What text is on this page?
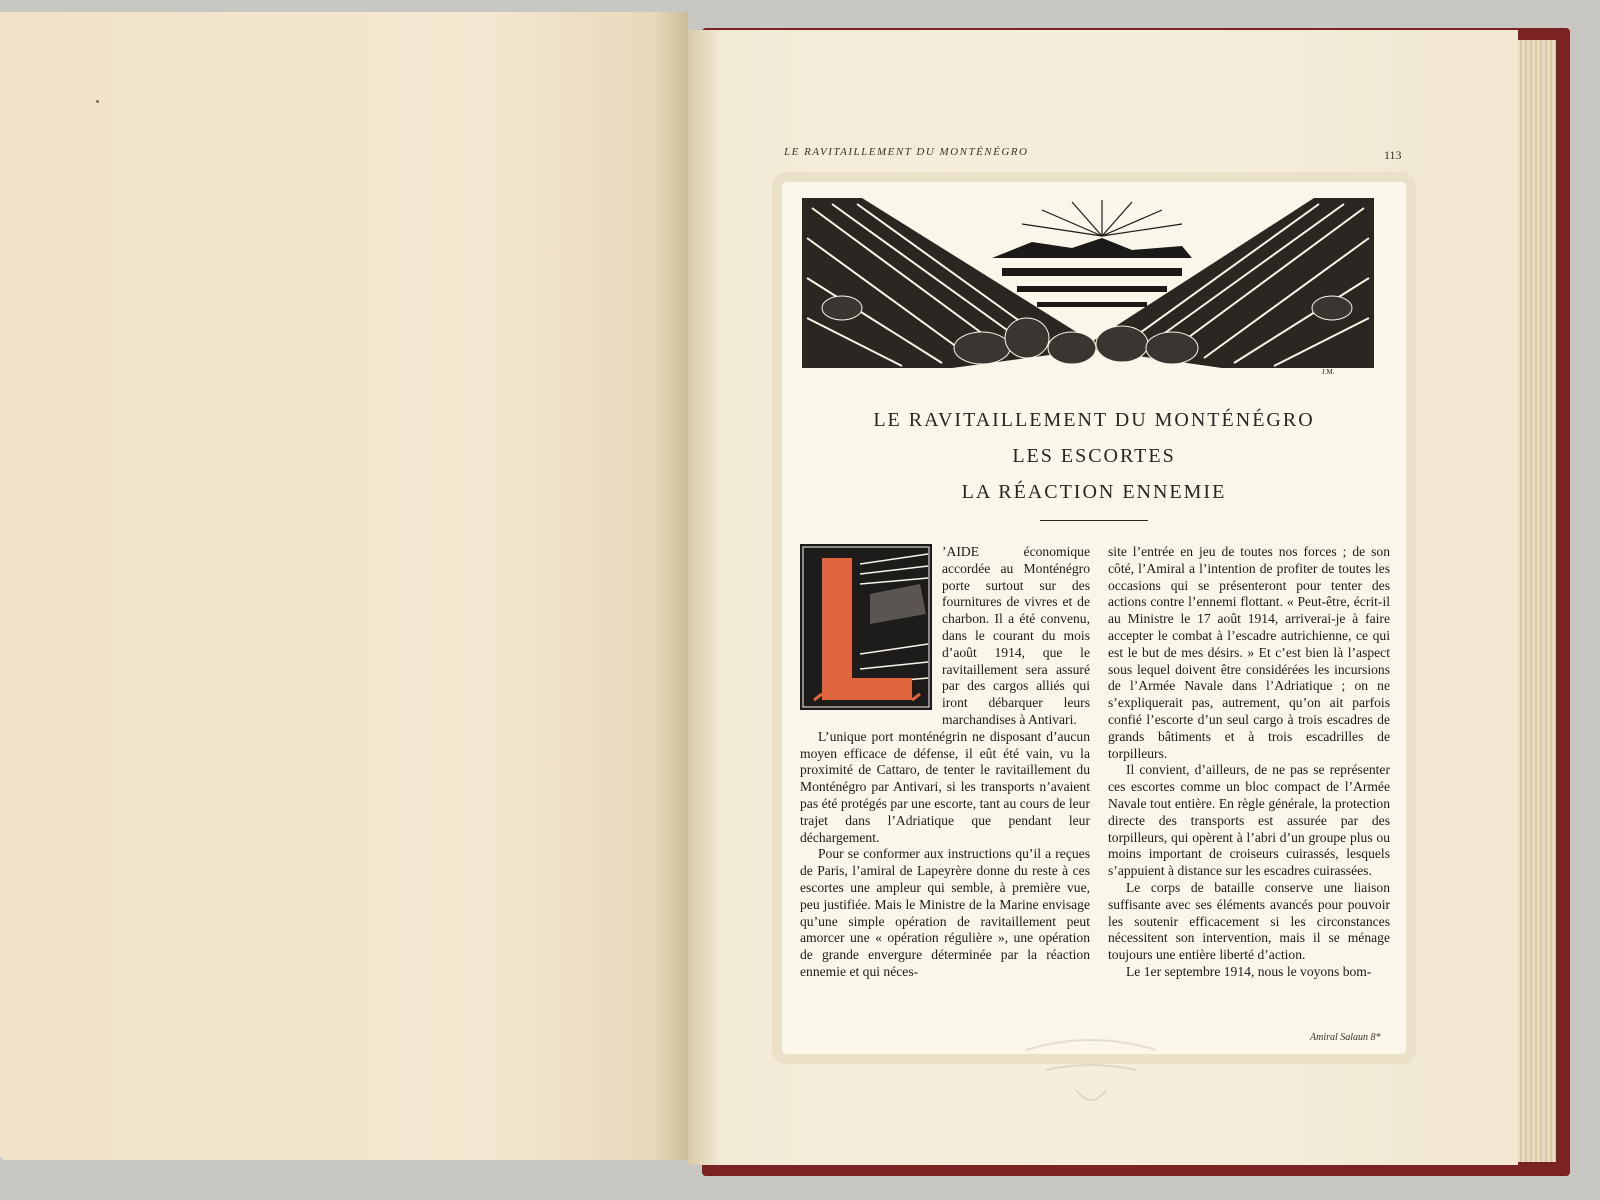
LE RAVITAILLEMENT DU MONTÉNÉGRO	113
J.M.
LE RAVITAILLEMENT DU MONTÉNÉGRO
LES ESCORTES
LA RÉACTION ENNEMIE

’AIDE économique accordée au Monténégro porte surtout sur des fournitures de vivres et de charbon. Il a été convenu, dans le courant du mois d’août 1914, que le ravitaillement sera assuré par des cargos alliés qui iront débarquer leurs marchandises à Antivari.

L’unique port monténégrin ne disposant d’aucun moyen efficace de défense, il eût été vain, vu la proximité de Cattaro, de tenter le ravitaillement du Monténégro par Antivari, si les transports n’avaient pas été protégés par une escorte, tant au cours de leur trajet dans l’Adriatique que pendant leur déchargement.

Pour se conformer aux instructions qu’il a reçues de Paris, l’amiral de Lapeyrère donne du reste à ces escortes une ampleur qui semble, à première vue, peu justifiée. Mais le Ministre de la Marine envisage qu’une simple opération de ravitaillement peut amorcer une « opération régulière », une opération de grande envergure déterminée par la réaction ennemie et qui néces-

site l’entrée en jeu de toutes nos forces ; de son côté, l’Amiral a l’intention de profiter de toutes les occasions qui se présenteront pour tenter des actions contre l’ennemi flottant. « Peut-être, écrit-il au Ministre le 17 août 1914, arriverai-je à faire accepter le combat à l’escadre autrichienne, ce qui est le but de mes désirs. » Et c’est bien là l’aspect sous lequel doivent être considérées les incursions de l’Armée Navale dans l’Adriatique ; on ne s’expliquerait pas, autrement, qu’on ait parfois confié l’escorte d’un seul cargo à trois escadres de grands bâtiments et à trois escadrilles de torpilleurs.

Il convient, d’ailleurs, de ne pas se représenter ces escortes comme un bloc compact de l’Armée Navale tout entière. En règle générale, la protection directe des transports est assurée par des torpilleurs, qui opèrent à l’abri d’un groupe plus ou moins important de croiseurs cuirassés, lesquels s’appuient à distance sur les escadres cuirassées.

Le corps de bataille conserve une liaison suffisante avec ses éléments avancés pour pouvoir les soutenir efficacement si les circonstances nécessitent son intervention, mais il se ménage toujours une entière liberté d’action.

Le 1er septembre 1914, nous le voyons bom-

Amiral Salaun 8*
